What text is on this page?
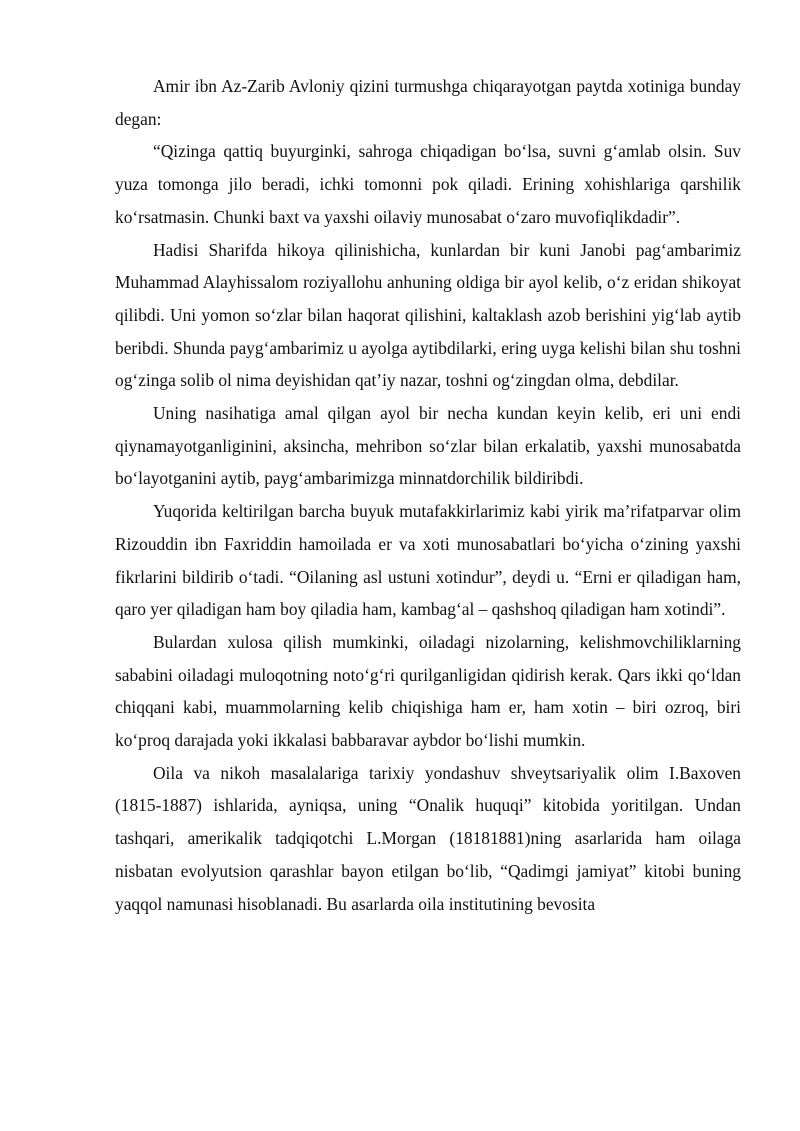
Amir ibn Az-Zarib Avloniy qizini turmushga chiqarayotgan paytda xotiniga bunday degan:

“Qizinga qattiq buyurginki, sahroga chiqadigan bo‘lsa, suvni g‘amlab olsin. Suv yuza tomonga jilo beradi, ichki tomonni pok qiladi. Erining xohishlariga qarshilik ko‘rsatmasin. Chunki baxt va yaxshi oilaviy munosabat o‘zaro muvofiqlikdadir”.

Hadisi Sharifda hikoya qilinishicha, kunlardan bir kuni Janobi pag‘ambarimiz Muhammad Alayhissalom roziyallohu anhuning oldiga bir ayol kelib, o‘z eridan shikoyat qilibdi. Uni yomon so‘zlar bilan haqorat qilishini, kaltaklash azob berishini yig‘lab aytib beribdi. Shunda payg‘ambarimiz u ayolga aytibdilarki, ering uyga kelishi bilan shu toshni og‘zinga solib ol nima deyishidan qat’iy nazar, toshni og‘zingdan olma, debdilar.

Uning nasihatiga amal qilgan ayol bir necha kundan keyin kelib, eri uni endi qiynamayotganliginini, aksincha, mehribon so‘zlar bilan erkalatib, yaxshi munosabatda bo‘layotganini aytib, payg‘ambarimizga minnatdorchilik bildiribdi.

Yuqorida keltirilgan barcha buyuk mutafakkirlarimiz kabi yirik ma’rifatparvar olim Rizouddin ibn Faxriddin hamoilada er va xoti munosabatlari bo‘yicha o‘zining yaxshi fikrlarini bildirib o‘tadi. “Oilaning asl ustuni xotindur”, deydi u. “Erni er qiladigan ham, qaro yer qiladigan ham boy qiladia ham, kambag‘al – qashshoq qiladigan ham xotindi”.

Bulardan xulosa qilish mumkinki, oiladagi nizolarning, kelishmovchiliklarning sababini oiladagi muloqotning noto‘g‘ri qurilganligidan qidirish kerak. Qars ikki qo‘ldan chiqqani kabi, muammolarning kelib chiqishiga ham er, ham xotin – biri ozroq, biri ko‘proq darajada yoki ikkalasi babbaravar aybdor bo‘lishi mumkin.

Oila va nikoh masalalariga tarixiy yondashuv shveytsariyalik olim I.Baxoven (1815-1887) ishlarida, ayniqsa, uning “Onalik huquqi” kitobida yoritilgan. Undan tashqari, amerikalik tadqiqotchi L.Morgan (18181881)ning asarlarida ham oilaga nisbatan evolyutsion qarashlar bayon etilgan bo‘lib, “Qadimgi jamiyat” kitobi buning yaqqol namunasi hisoblanadi. Bu asarlarda oila institutining bevosita
